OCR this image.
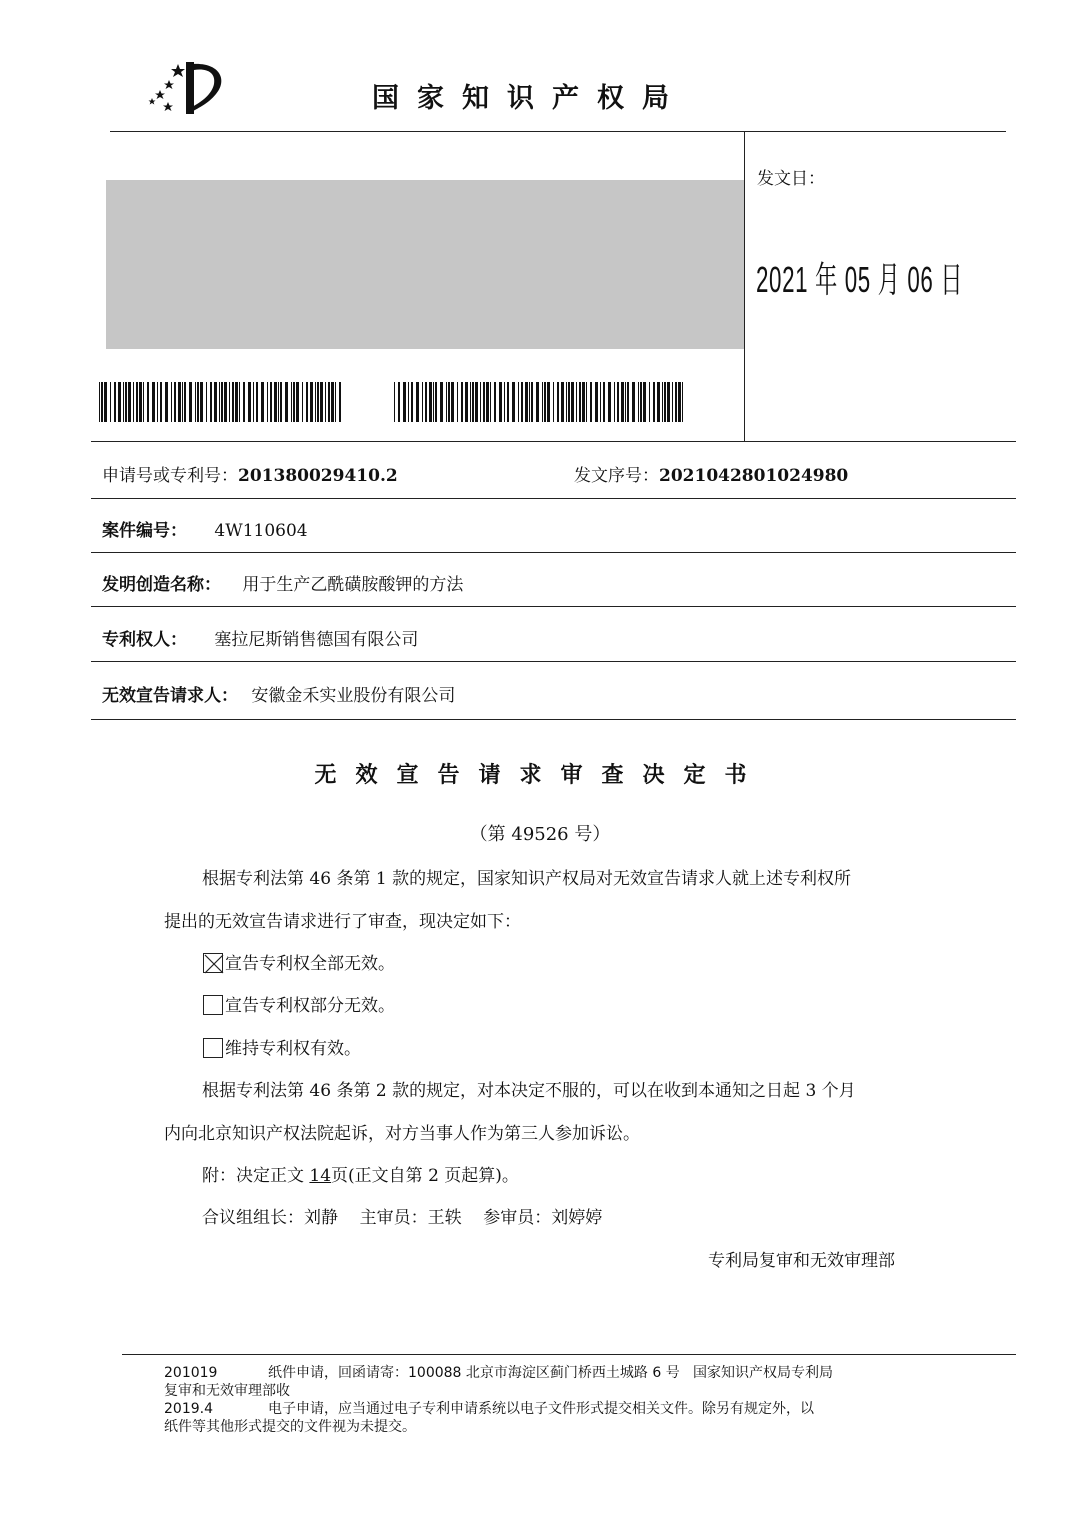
国家知识产权局
发文日：
2021 年 05 月 06 日
申请号或专利号：201380029410.2	发文序号：2021042801024980
案件编号： 4W110604
发明创造名称： 用于生产乙酰磺胺酸钾的方法
专利权人： 塞拉尼斯销售德国有限公司
无效宣告请求人： 安徽金禾实业股份有限公司
无效宣告请求审查决定书
（第 49526 号）
根据专利法第 46 条第 1 款的规定，国家知识产权局对无效宣告请求人就上述专利权所
提出的无效宣告请求进行了审查，现决定如下：
宣告专利权全部无效。
宣告专利权部分无效。
维持专利权有效。
根据专利法第 46 条第 2 款的规定，对本决定不服的，可以在收到本通知之日起 3 个月
内向北京知识产权法院起诉，对方当事人作为第三人参加诉讼。
附：决定正文 14页(正文自第 2 页起算)。
合议组组长：刘静    主审员：王轶    参审员：刘婷婷
专利局复审和无效审理部
201019	纸件申请，回函请寄：100088 北京市海淀区蓟门桥西土城路 6 号   国家知识产权局专利局
复审和无效审理部收
2019.4	电子申请，应当通过电子专利申请系统以电子文件形式提交相关文件。除另有规定外，以
纸件等其他形式提交的文件视为未提交。
